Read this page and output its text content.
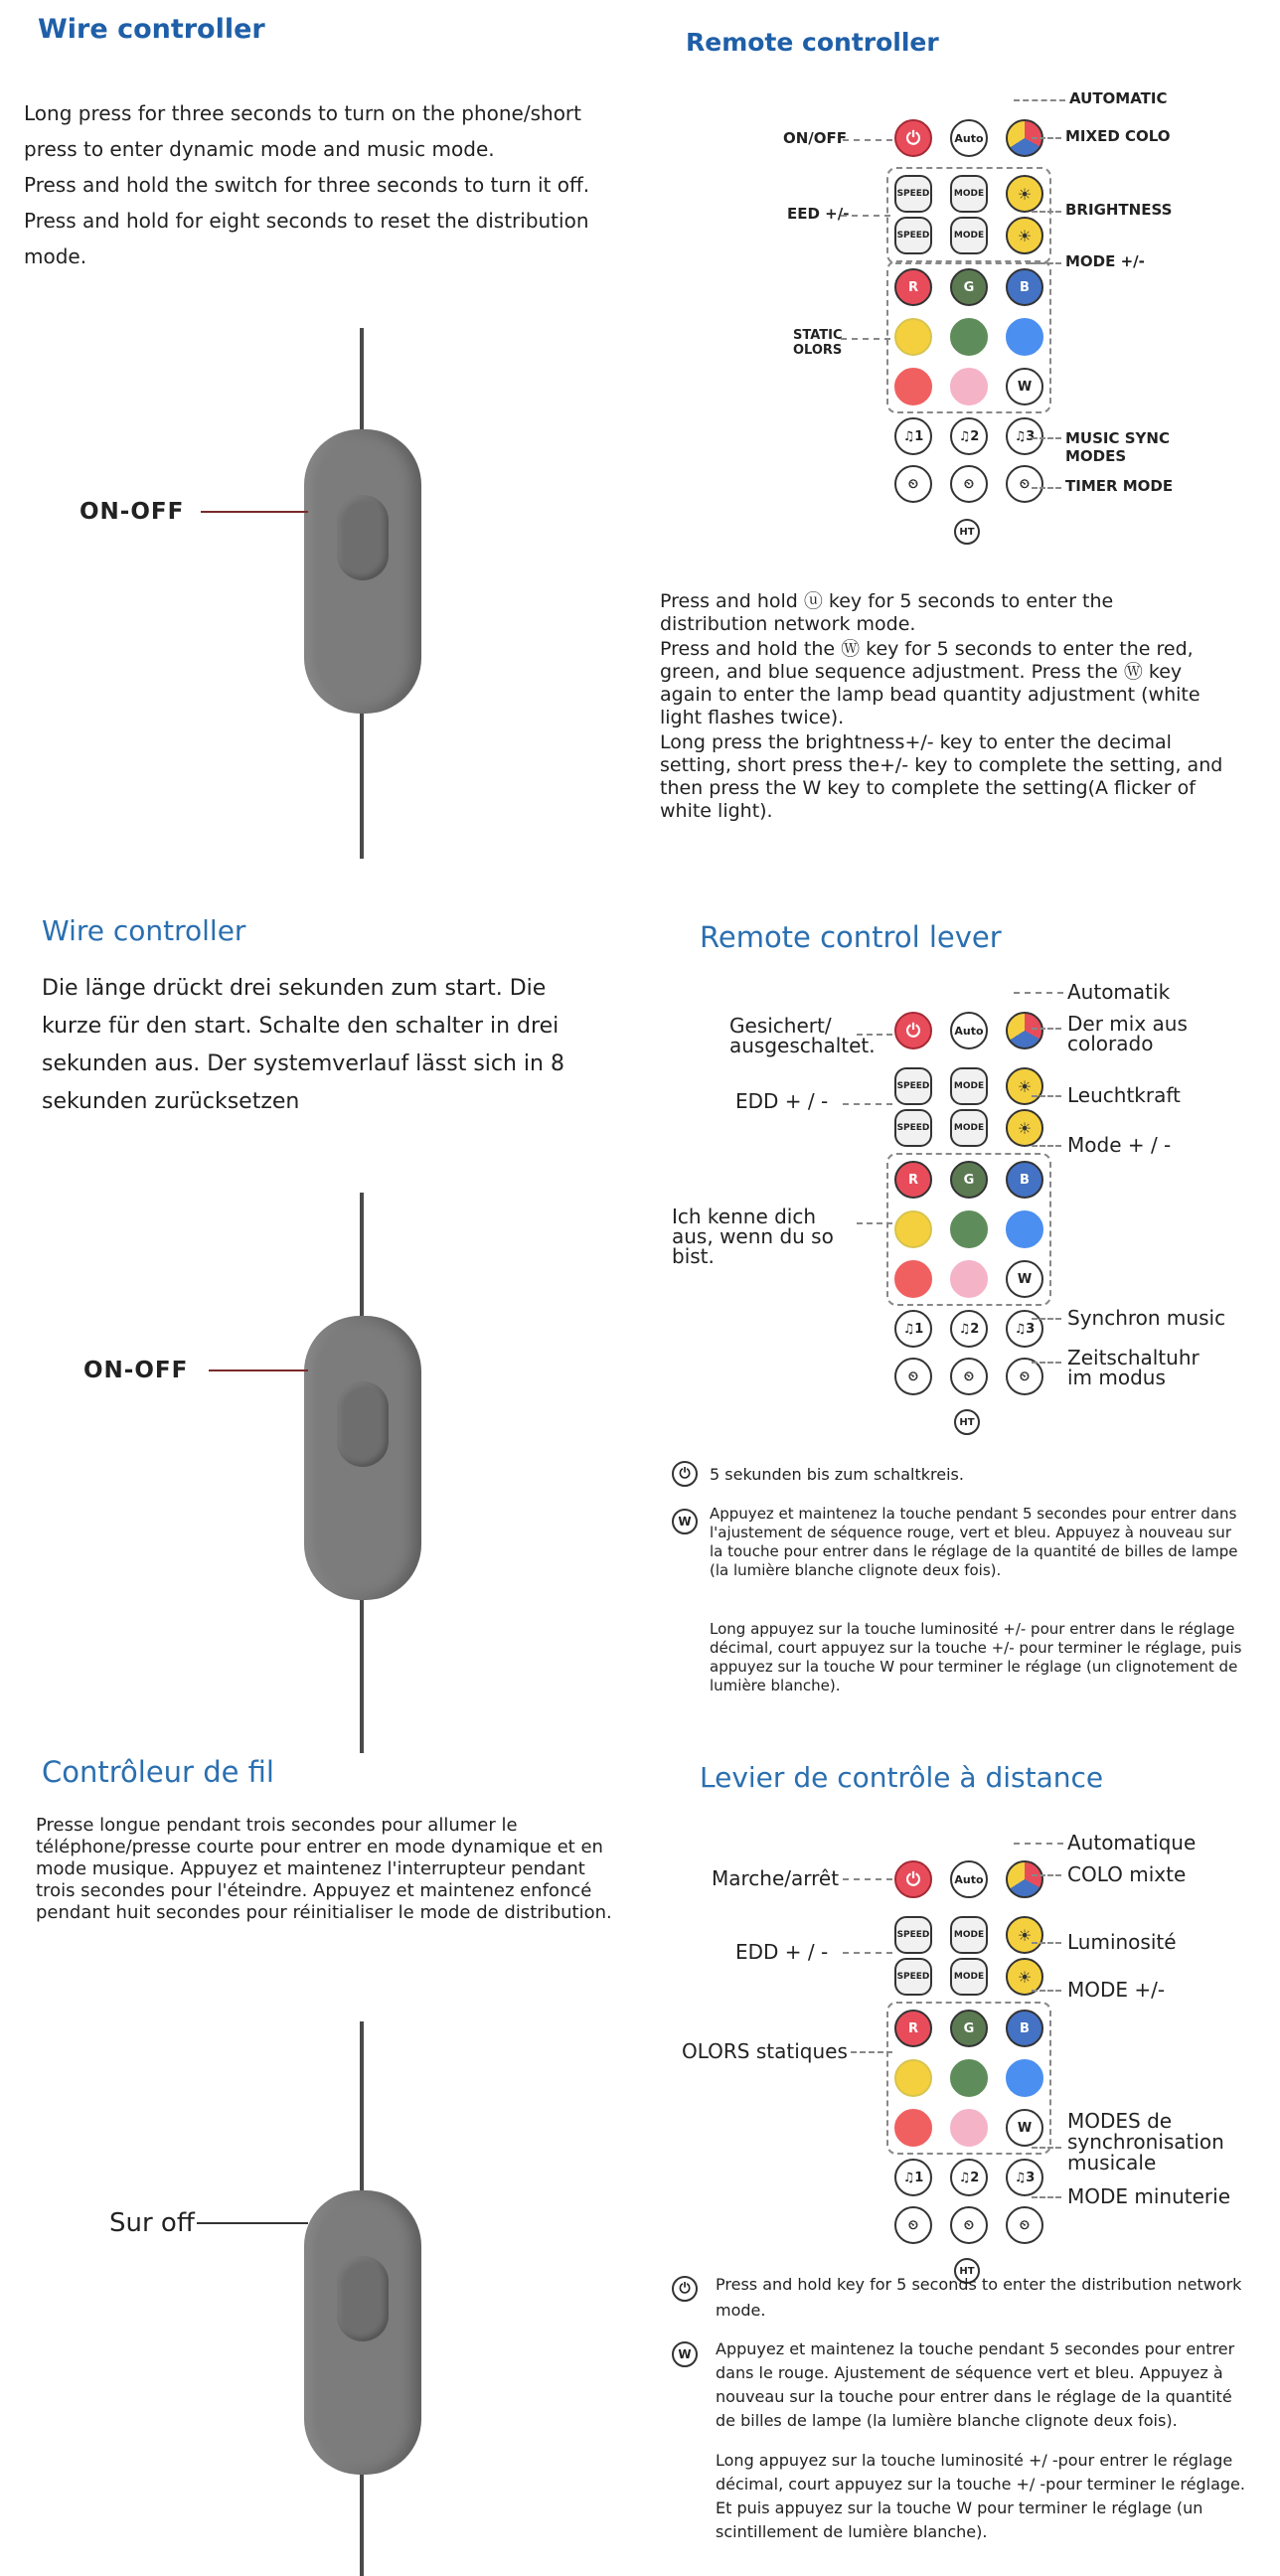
Wire controller

Long press for three seconds to turn on the phone/short press to enter dynamic mode and music mode.

Press and hold the switch for three seconds to turn it off.

Press and hold for eight seconds to reset the distribution mode.

ON-OFF
Remote controller
⏻	Auto
SPEED	MODE	☀
SPEED	MODE	☀
R	G	B
W
♫1	♫2	♫3
⏲	⏲	⏲
HT
ON/OFF
EED +/-
STATIC OLORS
AUTOMATIC
MIXED COLO
BRIGHTNESS
MODE +/-
MUSIC SYNC MODES
TIMER MODE

Press and hold ⓤ key for 5 seconds to enter the distribution network mode.

Press and hold the Ⓦ key for 5 seconds to enter the red, green, and blue sequence adjustment. Press the Ⓦ key again to enter the lamp bead quantity adjustment (white light flashes twice).

Long press the brightness+/- key to enter the decimal setting, short press the+/- key to complete the setting, and then press the W key to complete the setting(A flicker of white light).

Wire controller

Die länge drückt drei sekunden zum start. Die kurze für den start. Schalte den schalter in drei sekunden aus. Der systemverlauf lässt sich in 8 sekunden zurücksetzen

ON-OFF
Remote control lever
⏻	Auto
SPEED	MODE	☀
SPEED	MODE	☀
R	G	B
W
♫1	♫2	♫3
⏲	⏲	⏲
HT
Gesichert/ ausgeschaltet.
EDD + / -
Ich kenne dich aus, wenn du so bist.
Automatik
Der mix aus colorado
Leuchtkraft
Mode + / -
Synchron music
Zeitschaltuhr im modus
⏻	5 sekunden bis zum schaltkreis.
W	Appuyez et maintenez la touche pendant 5 secondes pour entrer dans l'ajustement de séquence rouge, vert et bleu. Appuyez à nouveau sur la touche pour entrer dans le réglage de la quantité de billes de lampe (la lumière blanche clignote deux fois).
Long appuyez sur la touche luminosité +/- pour entrer dans le réglage décimal, court appuyez sur la touche +/- pour terminer le réglage, puis appuyez sur la touche W pour terminer le réglage (un clignotement de lumière blanche).
Contrôleur de fil

Presse longue pendant trois secondes pour allumer le téléphone/presse courte pour entrer en mode dynamique et en mode musique. Appuyez et maintenez l'interrupteur pendant trois secondes pour l'éteindre. Appuyez et maintenez enfoncé pendant huit secondes pour réinitialiser le mode de distribution.

Sur off
Levier de contrôle à distance
⏻	Auto
SPEED	MODE	☀
SPEED	MODE	☀
R	G	B
W
♫1	♫2	♫3
⏲	⏲	⏲
HT
Marche/arrêt
EDD + / -
OLORS statiques
Automatique
COLO mixte
Luminosité
MODE +/-
MODES de synchronisation musicale
MODE minuterie
⏻	Press and hold key for 5 seconds to enter the distribution network mode.
W	Appuyez et maintenez la touche pendant 5 secondes pour entrer dans le rouge. Ajustement de séquence vert et bleu. Appuyez à nouveau sur la touche pour entrer dans le réglage de la quantité de billes de lampe (la lumière blanche clignote deux fois).
Long appuyez sur la touche luminosité +/ -pour entrer le réglage décimal, court appuyez sur la touche +/ -pour terminer le réglage. Et puis appuyez sur la touche W pour terminer le réglage (un scintillement de lumière blanche).
